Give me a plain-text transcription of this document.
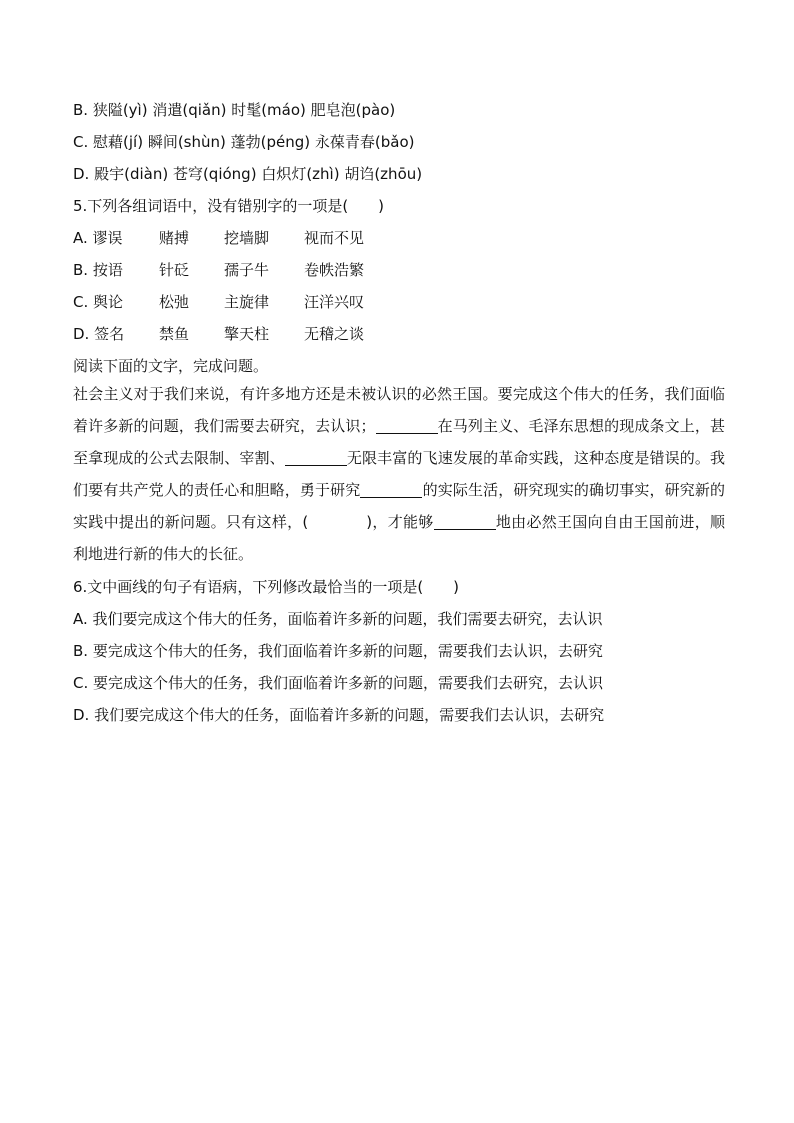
B. 狭隘(yì) 消遣(qiǎn) 时髦(máo) 肥皂泡(pào)
C. 慰藉(jí) 瞬间(shùn) 蓬勃(péng) 永葆青春(bǎo)
D. 殿宇(diàn) 苍穹(qióng) 白炽灯(zhì) 胡诌(zhōu)
5.下列各组词语中，没有错别字的一项是(　　)
A. 谬误 赌搏 挖墙脚 视而不见
B. 按语 针砭 孺子牛 卷帙浩繁
C. 舆论 松弛 主旋律 汪洋兴叹
D. 签名 禁鱼 擎天柱 无稽之谈
阅读下面的文字，完成问题。
社会主义对于我们来说，有许多地方还是未被认识的必然王国。要完成这个伟大的任务，我们面临着许多新的问题，我们需要去研究，去认识；	在马列主义、毛泽东思想的现成条文上，甚至拿现成的公式去限制、宰割、	无限丰富的飞速发展的革命实践，这种态度是错误的。我们要有共产党人的责任心和胆略，勇于研究	的实际生活，研究现实的确切事实，研究新的实践中提出的新问题。只有这样，(	)，才能够	地由必然王国向自由王国前进，顺利地进行新的伟大的长征。
6.文中画线的句子有语病，下列修改最恰当的一项是(　　)
A. 我们要完成这个伟大的任务，面临着许多新的问题，我们需要去研究，去认识
B. 要完成这个伟大的任务，我们面临着许多新的问题，需要我们去认识，去研究
C. 要完成这个伟大的任务，我们面临着许多新的问题，需要我们去研究，去认识
D. 我们要完成这个伟大的任务，面临着许多新的问题，需要我们去认识，去研究
